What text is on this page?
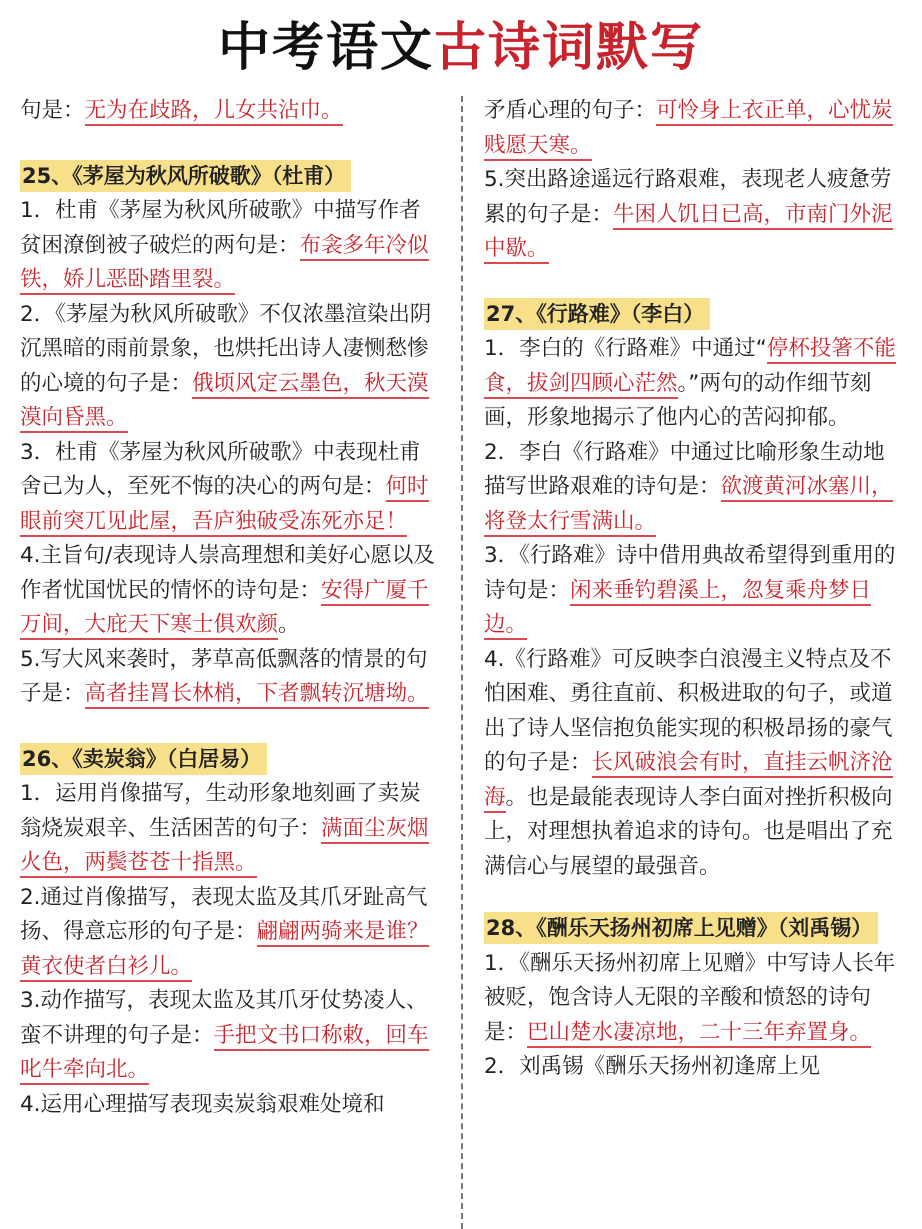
中考语文古诗词默写

句是：无为在歧路，儿女共沾巾。

25、《茅屋为秋风所破歌》（杜甫）

1．杜甫《茅屋为秋风所破歌》中描写作者贫困潦倒被子破烂的两句是：布衾多年冷似铁，娇儿恶卧踏里裂。

2．《茅屋为秋风所破歌》不仅浓墨渲染出阴沉黑暗的雨前景象，也烘托出诗人凄恻愁惨的心境的句子是：俄顷风定云墨色，秋天漠漠向昏黑。

3．杜甫《茅屋为秋风所破歌》中表现杜甫舍己为人，至死不悔的决心的两句是：何时眼前突兀见此屋，吾庐独破受冻死亦足！

4.主旨句/表现诗人崇高理想和美好心愿以及作者忧国忧民的情怀的诗句是：安得广厦千万间，大庇天下寒士俱欢颜。

5.写大风来袭时，茅草高低飘落的情景的句子是：高者挂罥长林梢，下者飘转沉塘坳。

26、《卖炭翁》（白居易）

1．运用肖像描写，生动形象地刻画了卖炭翁烧炭艰辛、生活困苦的句子：满面尘灰烟火色，两鬓苍苍十指黑。

2.通过肖像描写，表现太监及其爪牙趾高气扬、得意忘形的句子是：翩翩两骑来是谁？黄衣使者白衫儿。

3.动作描写，表现太监及其爪牙仗势凌人、蛮不讲理的句子是：手把文书口称敕，回车叱牛牵向北。

4.运用心理描写表现卖炭翁艰难处境和

矛盾心理的句子：可怜身上衣正单，心忧炭贱愿天寒。

5.突出路途遥远行路艰难，表现老人疲惫劳累的句子是：牛困人饥日已高，市南门外泥中歇。

27、《行路难》（李白）

1．李白的《行路难》中通过“停杯投箸不能食，拔剑四顾心茫然。”两句的动作细节刻画，形象地揭示了他内心的苦闷抑郁。

2．李白《行路难》中通过比喻形象生动地描写世路艰难的诗句是：欲渡黄河冰塞川，将登太行雪满山。

3．《行路难》诗中借用典故希望得到重用的诗句是：闲来垂钓碧溪上，忽复乘舟梦日边。

4.《行路难》可反映李白浪漫主义特点及不怕困难、勇往直前、积极进取的句子，或道出了诗人坚信抱负能实现的积极昂扬的豪气的句子是：长风破浪会有时，直挂云帆济沧海。也是最能表现诗人李白面对挫折积极向上，对理想执着追求的诗句。也是唱出了充满信心与展望的最强音。

28、《酬乐天扬州初席上见赠》（刘禹锡）

1．《酬乐天扬州初席上见赠》中写诗人长年被贬，饱含诗人无限的辛酸和愤怒的诗句是：巴山楚水凄凉地，二十三年弃置身。

2．刘禹锡《酬乐天扬州初逢席上见
